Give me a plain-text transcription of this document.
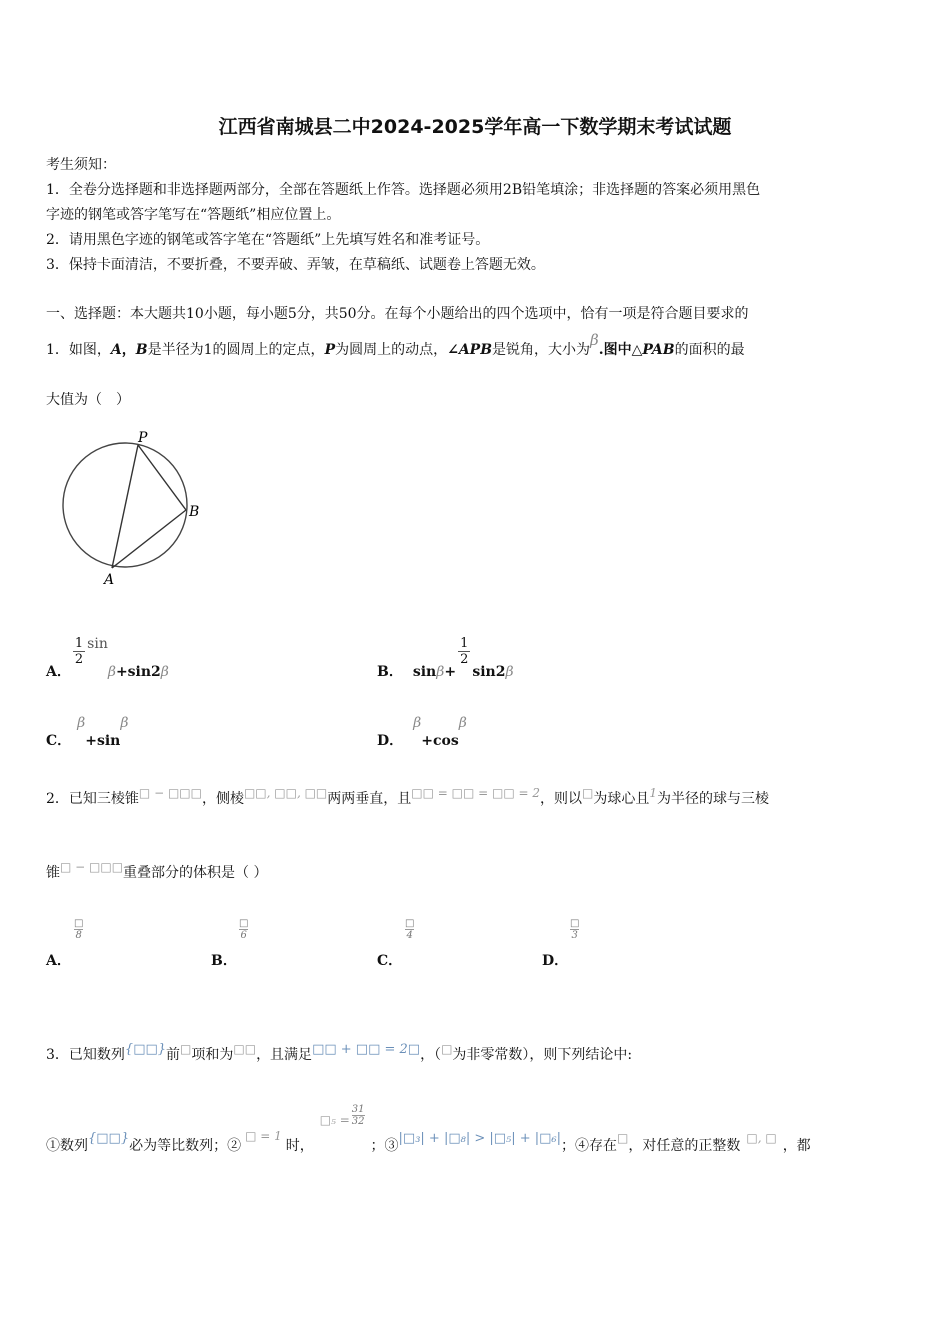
江西省南城县二中2024-2025学年高一下数学期末考试试题
考生须知：
1．全卷分选择题和非选择题两部分，全部在答题纸上作答。选择题必须用2B铅笔填涂；非选择题的答案必须用黑色
字迹的钢笔或答字笔写在“答题纸”相应位置上。
2．请用黑色字迹的钢笔或答字笔在“答题纸”上先填写姓名和准考证号。
3．保持卡面清洁，不要折叠，不要弄破、弄皱，在草稿纸、试题卷上答题无效。
一、选择题：本大题共10小题，每小题5分，共50分。在每个小题给出的四个选项中，恰有一项是符合题目要求的
1．如图，A，B是半径为1的圆周上的定点，P为圆周上的动点，∠APB是锐角，大小为β.图中△PAB的面积的最
大值为（　）
P
B
A
A．
$\frac{1}{2} \sin\beta+\sin 2\beta$	B． sinβ+
$\frac{1}{2}$
sin2β
C．β+sinβ
D．β+cosβ
2．已知三棱锥□ − □□□，侧棱□□, □□, □□两两垂直，且□□ = □□ = □□ = 2，则以□为球心且1为半径的球与三棱
锥□ − □□□重叠部分的体积是（ ）
□
8
A．
□
6
B．
□
4
C．
□
3
D．
3．已知数列{□□}前□项和为□□，且满足□□ + □□ = 2□，（□为非零常数），则下列结论中:
①数列{□□}必为等比数列；②□ = 1时，□₅ = $\frac{31}{32}$；③|□₃| + |□₈| > |□₅| + |□₆|；④存在□，对任意的正整数 □, □ ，都
